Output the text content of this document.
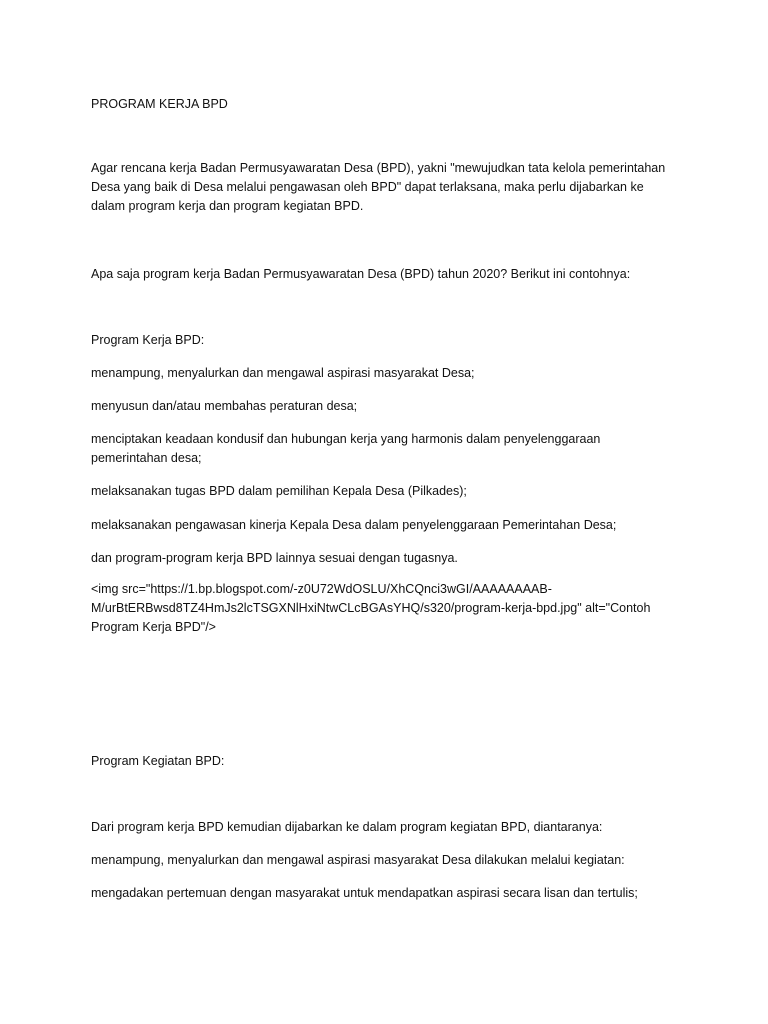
PROGRAM KERJA BPD

Agar rencana kerja Badan Permusyawaratan Desa (BPD), yakni "mewujudkan tata kelola pemerintahan
Desa yang baik di Desa melalui pengawasan oleh BPD" dapat terlaksana, maka perlu dijabarkan ke
dalam program kerja dan program kegiatan BPD.

Apa saja program kerja Badan Permusyawaratan Desa (BPD) tahun 2020? Berikut ini contohnya:

Program Kerja BPD:

menampung, menyalurkan dan mengawal aspirasi masyarakat Desa;

menyusun dan/atau membahas peraturan desa;

menciptakan keadaan kondusif dan hubungan kerja yang harmonis dalam penyelenggaraan
pemerintahan desa;

melaksanakan tugas BPD dalam pemilihan Kepala Desa (Pilkades);

melaksanakan pengawasan kinerja Kepala Desa dalam penyelenggaraan Pemerintahan Desa;

dan program-program kerja BPD lainnya sesuai dengan tugasnya.

<img src="https://1.bp.blogspot.com/-z0U72WdOSLU/XhCQnci3wGI/AAAAAAAAB-
M/urBtERBwsd8TZ4HmJs2lcTSGXNlHxiNtwCLcBGAsYHQ/s320/program-kerja-bpd.jpg" alt="Contoh
Program Kerja BPD"/>

Program Kegiatan BPD:

Dari program kerja BPD kemudian dijabarkan ke dalam program kegiatan BPD, diantaranya:

menampung, menyalurkan dan mengawal aspirasi masyarakat Desa dilakukan melalui kegiatan:

mengadakan pertemuan dengan masyarakat untuk mendapatkan aspirasi secara lisan dan tertulis;
